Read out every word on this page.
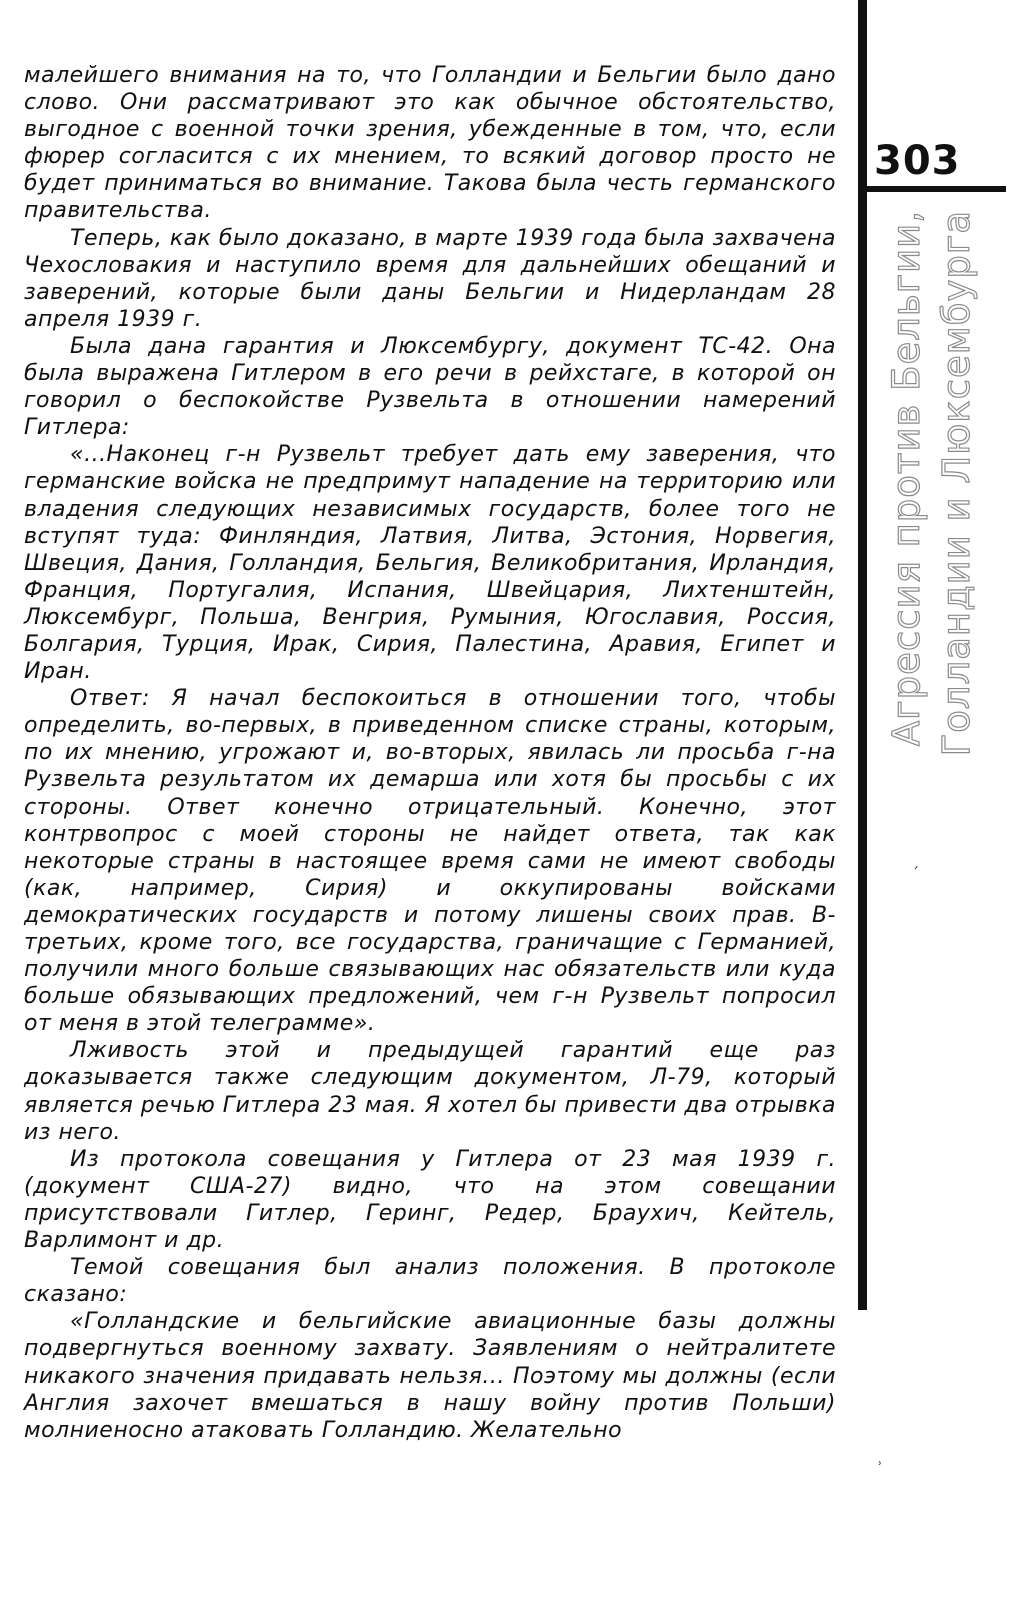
малейшего внимания на то, что Голландии и Бельгии было дано слово. Они рассматривают это как обычное обстоятельство, выгодное с военной точки зрения, убежденные в том, что, если фюрер согласится с их мнением, то всякий договор просто не будет приниматься во внимание. Такова была честь германского правительства.

Теперь, как было доказано, в марте 1939 года была захвачена Чехословакия и наступило время для дальнейших обещаний и заверений, которые были даны Бельгии и Нидерландам 28 апреля 1939 г.

Была дана гарантия и Люксембургу, документ ТС-42. Она была выражена Гитлером в его речи в рейхстаге, в которой он говорил о беспокойстве Рузвельта в отношении намерений Гитлера:

«...Наконец г-н Рузвельт требует дать ему заверения, что германские войска не предпримут нападение на территорию или владения следующих независимых государств, более того не вступят туда: Финляндия, Латвия, Литва, Эстония, Норвегия, Швеция, Дания, Голландия, Бельгия, Великобритания, Ирландия, Франция, Португалия, Испания, Швейцария, Лихтенштейн, Люксембург, Польша, Венгрия, Румыния, Югославия, Россия, Болгария, Турция, Ирак, Сирия, Палестина, Аравия, Египет и Иран.

Ответ: Я начал беспокоиться в отношении того, чтобы определить, во-первых, в приведенном списке страны, которым, по их мнению, угрожают и, во-вторых, явилась ли просьба г-на Рузвельта результатом их демарша или хотя бы просьбы с их стороны. Ответ конечно отрицательный. Конечно, этот контрвопрос с моей стороны не найдет ответа, так как некоторые страны в настоящее время сами не имеют свободы (как, например, Сирия) и оккупированы войсками демократических государств и потому лишены своих прав. В-третьих, кроме того, все государства, граничащие с Германией, получили много больше связывающих нас обязательств или куда больше обязывающих предложений, чем г-н Рузвельт попросил от меня в этой телеграмме».

Лживость этой и предыдущей гарантий еще раз доказывается также следующим документом, Л-79, который является речью Гитлера 23 мая. Я хотел бы привести два отрывка из него.

Из протокола совещания у Гитлера от 23 мая 1939 г. (документ США-27) видно, что на этом совещании присутствовали Гитлер, Геринг, Редер, Браухич, Кейтель, Варлимонт и др.

Темой совещания был анализ положения. В протоколе сказано:

«Голландские и бельгийские авиационные базы должны подвергнуться военному захвату. Заявлениям о нейтралитете никакого значения придавать нельзя... Поэтому мы должны (если Англия захочет вмешаться в нашу войну против Польши) молниеносно атаковать Голландию. Желательно

303
Агрессия против Бельгии, Голландии и Люксембурга
ˊ
ʾ
